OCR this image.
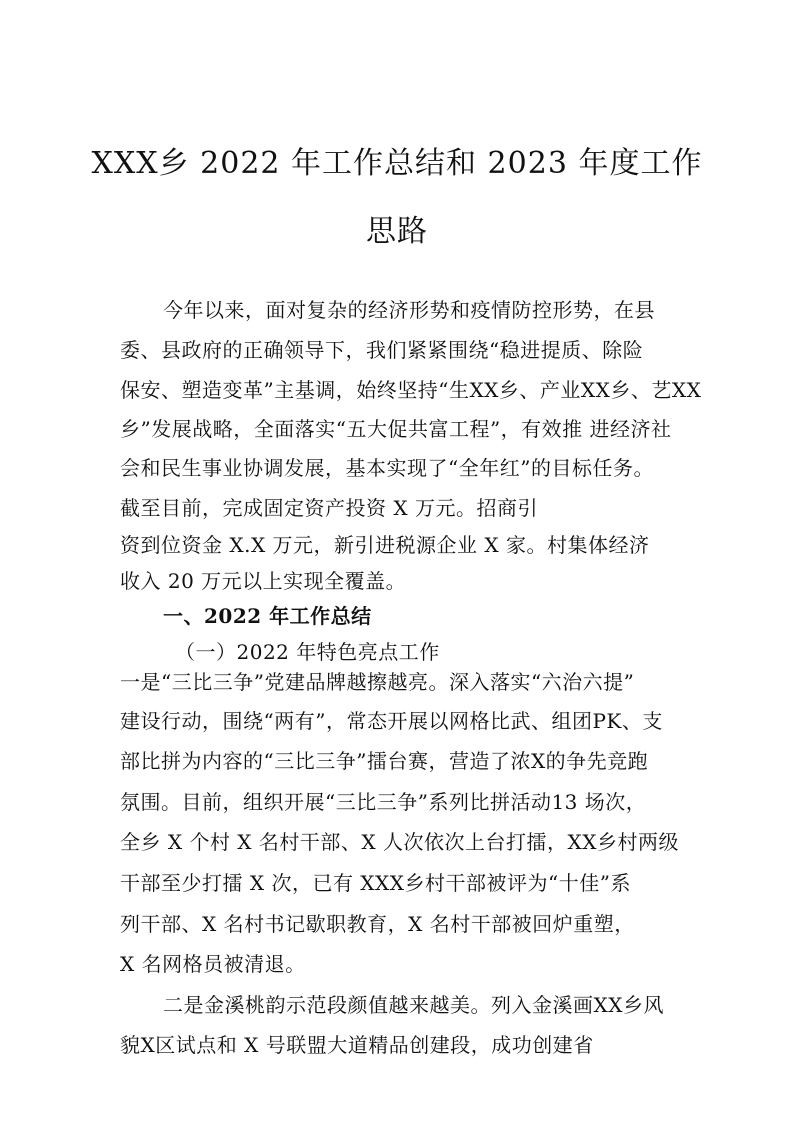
XXX乡 2022 年工作总结和 2023 年度工作
思路
今年以来，面对复杂的经济形势和疫情防控形势，在县
委、县政府的正确领导下，我们紧紧围绕“稳进提质、除险
保安、塑造变革”主基调，始终坚持“生XX乡、产业XX乡、艺XX
乡”发展战略，全面落实“五大促共富工程”，有效推 进经济社
会和民生事业协调发展，基本实现了“全年红”的目标任务。
截至目前，完成固定资产投资 X 万元。招商引
资到位资金 X.X 万元，新引进税源企业 X 家。村集体经济
收入 20 万元以上实现全覆盖。
一、2022 年工作总结
（一）2022 年特色亮点工作
一是“三比三争”党建品牌越擦越亮。深入落实“六治六提”
建设行动，围绕“两有”，常态开展以网格比武、组团PK、支
部比拼为内容的“三比三争”擂台赛，营造了浓X的争先竞跑
氛围。目前，组织开展“三比三争”系列比拼活动13 场次，
全乡 X 个村 X 名村干部、X 人次依次上台打擂，XX乡村两级
干部至少打擂 X 次，已有 XXX乡村干部被评为“十佳”系
列干部、X 名村书记歇职教育，X 名村干部被回炉重塑，
X 名网格员被清退。
二是金溪桃韵示范段颜值越来越美。列入金溪画XX乡风
貌X区试点和 X 号联盟大道精品创建段，成功创建省
